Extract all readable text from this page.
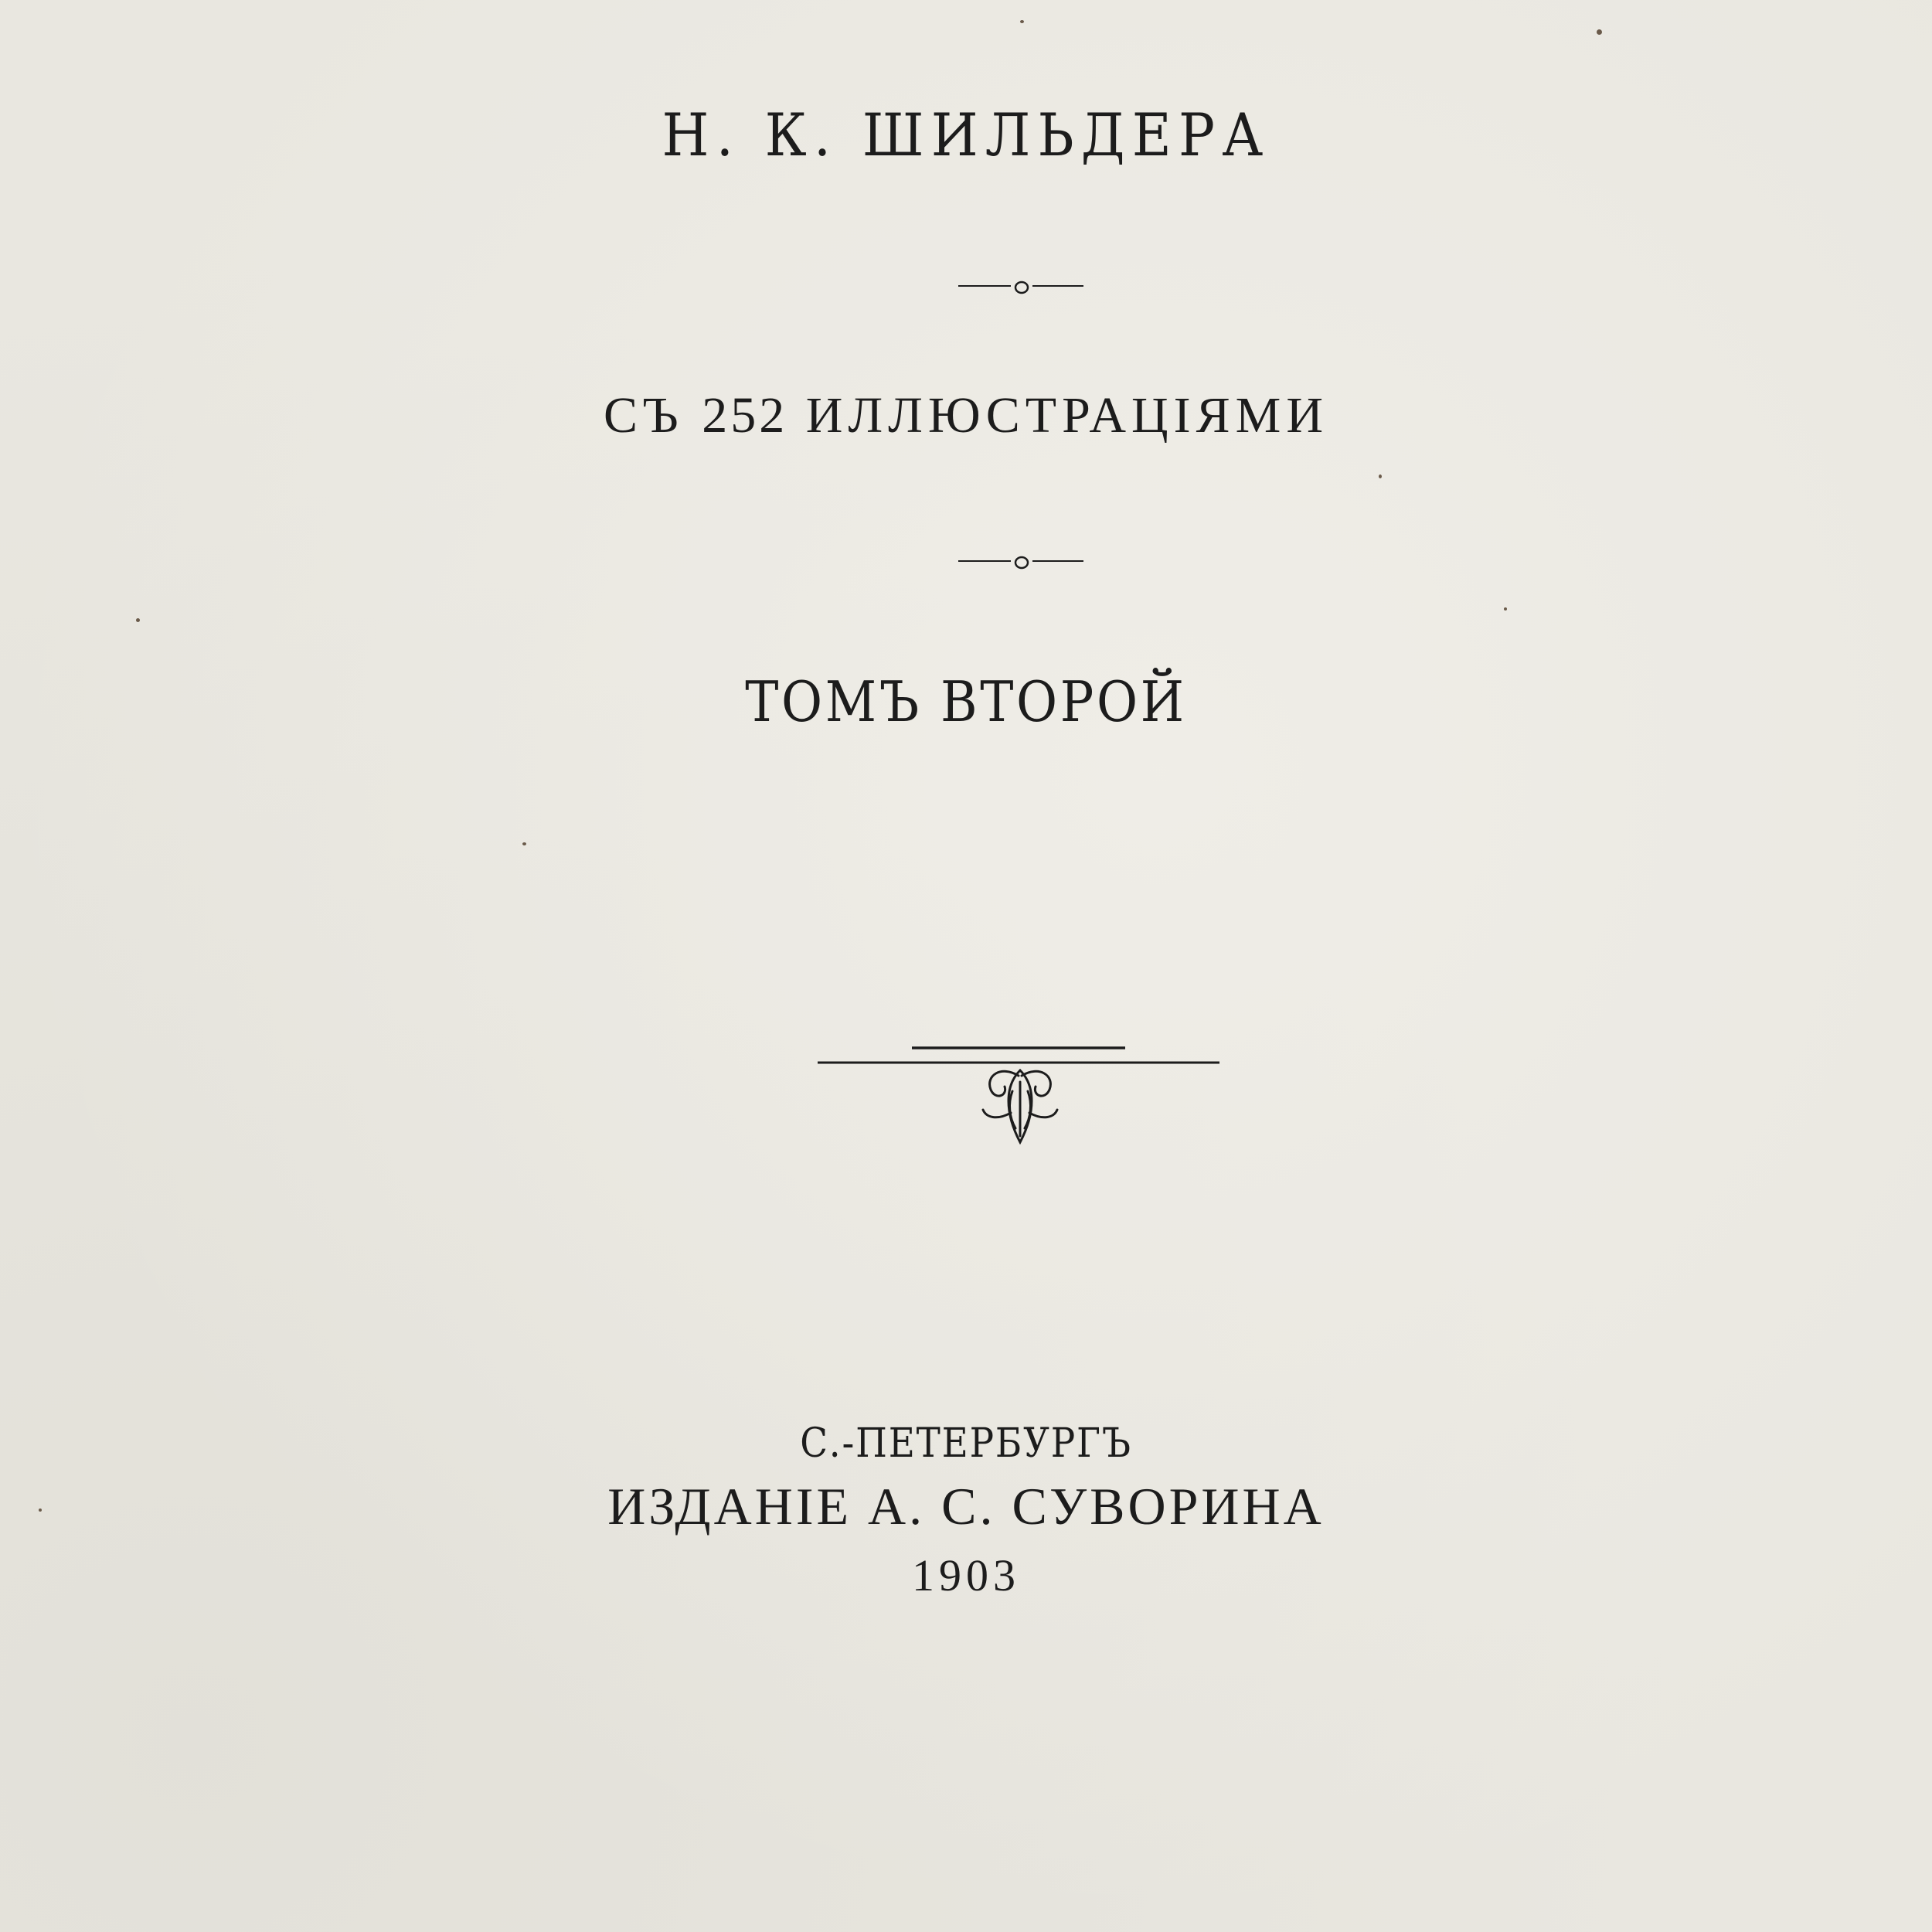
Н. К. ШИЛЬДЕРА
СЪ 252 ИЛЛЮСТРАЦІЯМИ
ТОМЪ ВТОРОЙ
С.-ПЕТЕРБУРГЪ
ИЗДАНІЕ А. С. СУВОРИНА
1903
